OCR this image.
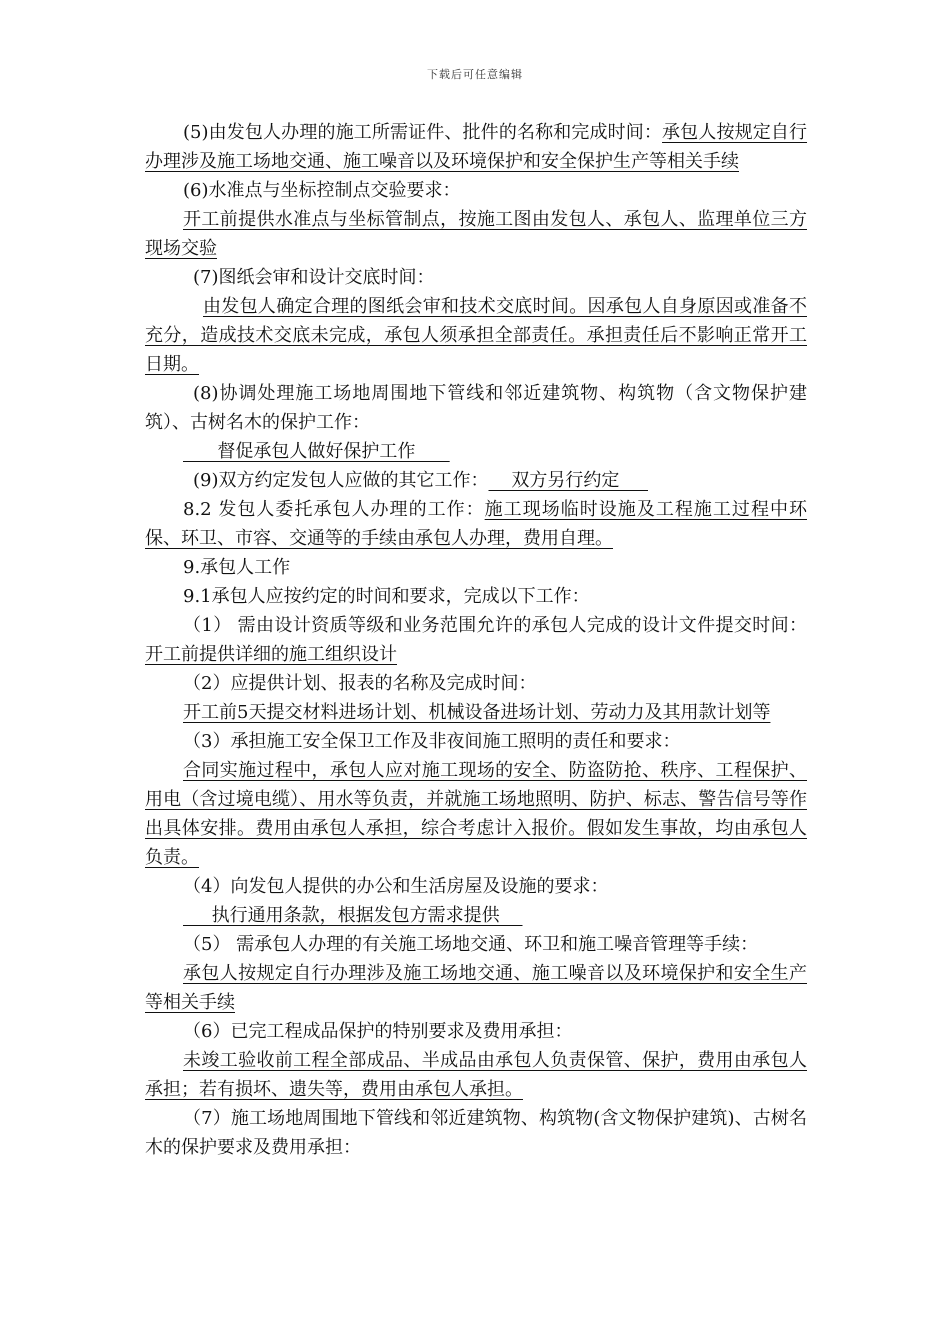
下载后可任意编辑

(5)由发包人办理的施工所需证件、批件的名称和完成时间：承包人按规定自行办理涉及施工场地交通、施工噪音以及环境保护和安全保护生产等相关手续

(6)水准点与坐标控制点交验要求：

开工前提供水准点与坐标管制点，按施工图由发包人、承包人、监理单位三方现场交验

(7)图纸会审和设计交底时间：

由发包人确定合理的图纸会审和技术交底时间。因承包人自身原因或准备不充分，造成技术交底未完成，承包人须承担全部责任。承担责任后不影响正常开工日期。

(8)协调处理施工场地周围地下管线和邻近建筑物、构筑物（含文物保护建筑）、古树名木的保护工作：

督促承包人做好保护工作

(9)双方约定发包人应做的其它工作：    双方另行约定

8.2 发包人委托承包人办理的工作：施工现场临时设施及工程施工过程中环保、环卫、市容、交通等的手续由承包人办理，费用自理。

9.承包人工作

9.1承包人应按约定的时间和要求，完成以下工作：

（1） 需由设计资质等级和业务范围允许的承包人完成的设计文件提交时间：开工前提供详细的施工组织设计

（2）应提供计划、报表的名称及完成时间：

开工前5天提交材料进场计划、机械设备进场计划、劳动力及其用款计划等

（3）承担施工安全保卫工作及非夜间施工照明的责任和要求：

合同实施过程中，承包人应对施工现场的安全、防盗防抢、秩序、工程保护、用电（含过境电缆）、用水等负责，并就施工场地照明、防护、标志、警告信号等作出具体安排。费用由承包人承担，综合考虑计入报价。假如发生事故，均由承包人负责。

（4）向发包人提供的办公和生活房屋及设施的要求：

执行通用条款，根据发包方需求提供

（5） 需承包人办理的有关施工场地交通、环卫和施工噪音管理等手续：

承包人按规定自行办理涉及施工场地交通、施工噪音以及环境保护和安全生产等相关手续

（6）已完工程成品保护的特别要求及费用承担：

未竣工验收前工程全部成品、半成品由承包人负责保管、保护，费用由承包人承担；若有损坏、遗失等，费用由承包人承担。

（7）施工场地周围地下管线和邻近建筑物、构筑物(含文物保护建筑)、古树名木的保护要求及费用承担：
